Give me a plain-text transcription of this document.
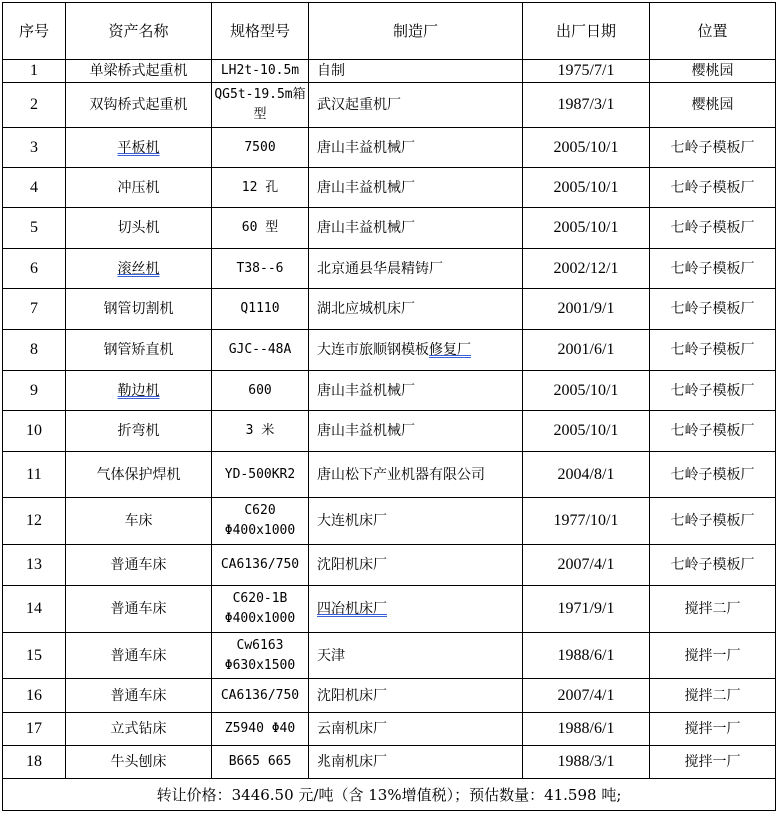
序号	资产名称	规格型号	制造厂	出厂日期	位置
1	单梁桥式起重机	LH2t-10.5m	自制	1975/7/1	樱桃园
2	双钩桥式起重机	QG5t-19.5m箱型	武汉起重机厂	1987/3/1	樱桃园
3	平板机	7500	唐山丰益机械厂	2005/10/1	七岭子模板厂
4	冲压机	12 孔	唐山丰益机械厂	2005/10/1	七岭子模板厂
5	切头机	60 型	唐山丰益机械厂	2005/10/1	七岭子模板厂
6	滚丝机	T38--6	北京通县华晨精铸厂	2002/12/1	七岭子模板厂
7	钢管切割机	Q1110	湖北应城机床厂	2001/9/1	七岭子模板厂
8	钢管矫直机	GJC--48A	大连市旅顺钢模板修复厂	2001/6/1	七岭子模板厂
9	勒边机	600	唐山丰益机械厂	2005/10/1	七岭子模板厂
10	折弯机	3 米	唐山丰益机械厂	2005/10/1	七岭子模板厂
11	气体保护焊机	YD-500KR2	唐山松下产业机器有限公司	2004/8/1	七岭子模板厂
12	车床	C620 Φ400x1000	大连机床厂	1977/10/1	七岭子模板厂
13	普通车床	CA6136/750	沈阳机床厂	2007/4/1	七岭子模板厂
14	普通车床	C620-1B Φ400x1000	四冶机床厂	1971/9/1	搅拌二厂
15	普通车床	Cw6163 Φ630x1500	天津	1988/6/1	搅拌一厂
16	普通车床	CA6136/750	沈阳机床厂	2007/4/1	搅拌二厂
17	立式钻床	Z5940 Φ40	云南机床厂	1988/6/1	搅拌一厂
18	牛头刨床	B665 665	兆南机床厂	1988/3/1	搅拌一厂
转让价格：3446.50 元/吨（含 13%增值税）；预估数量：41.598 吨;					
